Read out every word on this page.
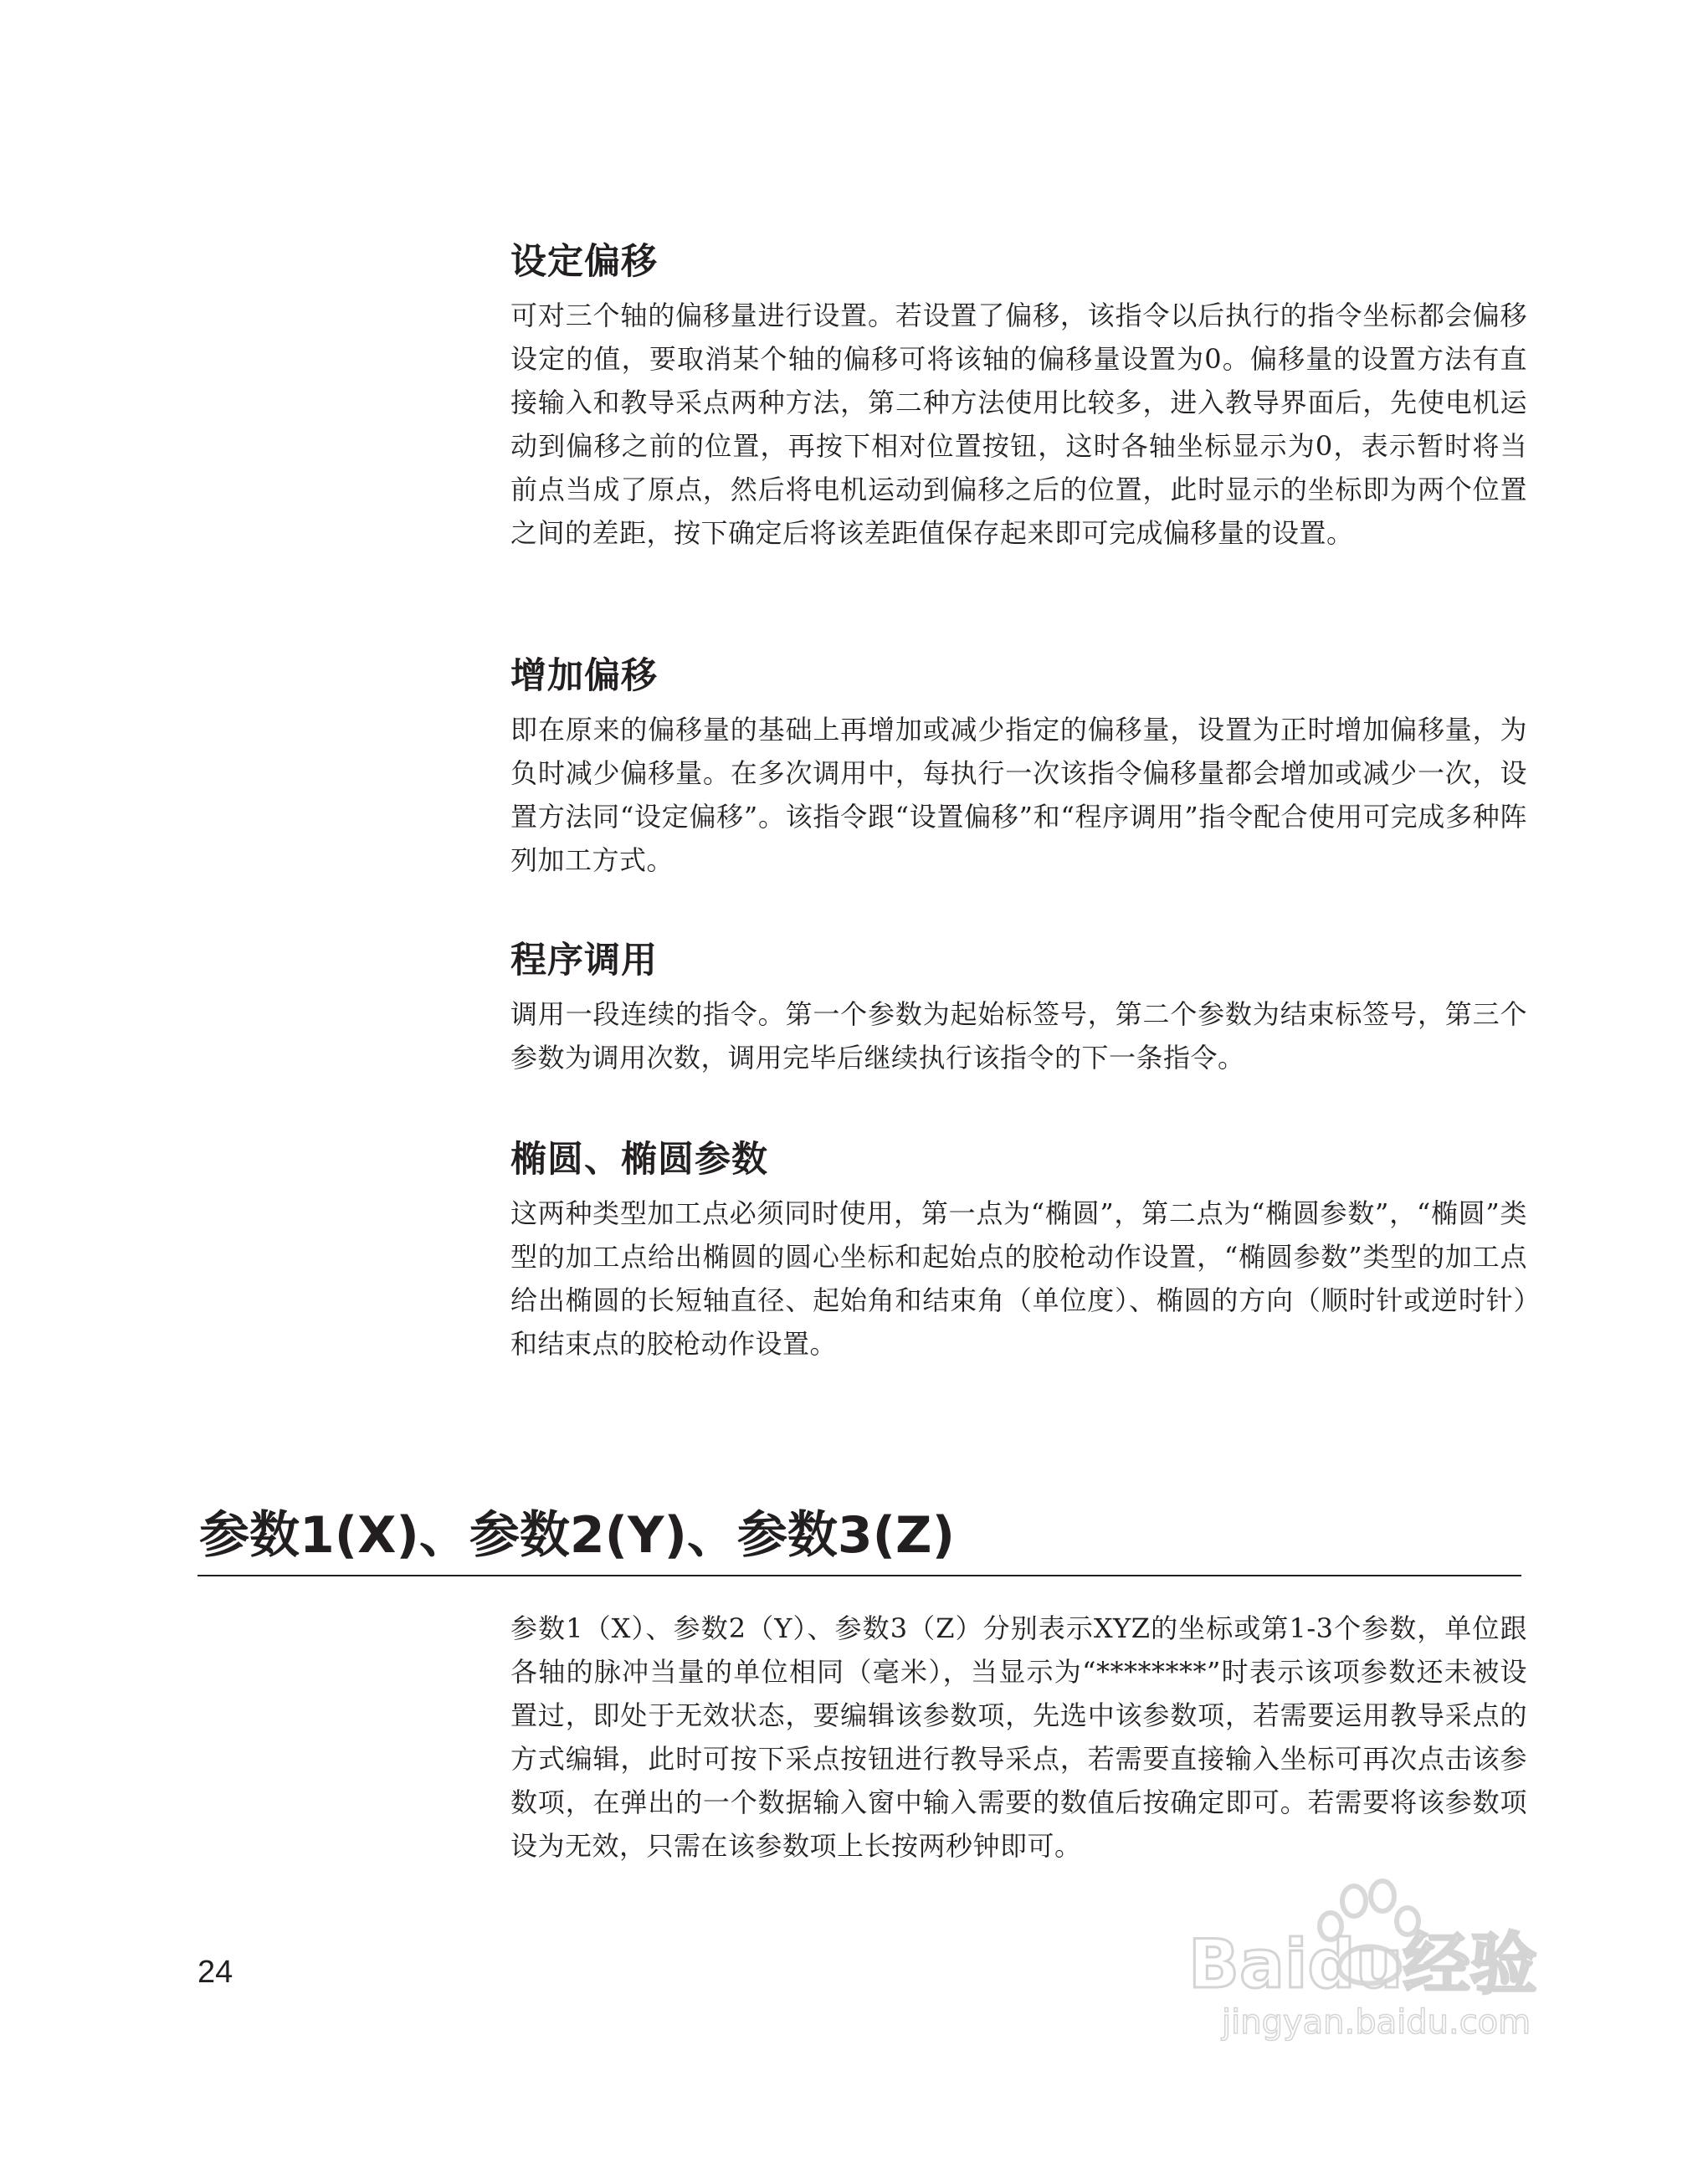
设定偏移

可对三个轴的偏移量进行设置。若设置了偏移，该指令以后执行的指令坐标都会偏移设定的值，要取消某个轴的偏移可将该轴的偏移量设置为0。偏移量的设置方法有直接输入和教导采点两种方法，第二种方法使用比较多，进入教导界面后，先使电机运动到偏移之前的位置，再按下相对位置按钮，这时各轴坐标显示为0，表示暂时将当前点当成了原点，然后将电机运动到偏移之后的位置，此时显示的坐标即为两个位置之间的差距，按下确定后将该差距值保存起来即可完成偏移量的设置。

增加偏移

即在原来的偏移量的基础上再增加或减少指定的偏移量，设置为正时增加偏移量，为负时减少偏移量。在多次调用中，每执行一次该指令偏移量都会增加或减少一次，设置方法同“设定偏移”。该指令跟“设置偏移”和“程序调用”指令配合使用可完成多种阵列加工方式。

程序调用

调用一段连续的指令。第一个参数为起始标签号，第二个参数为结束标签号，第三个参数为调用次数，调用完毕后继续执行该指令的下一条指令。

椭圆、椭圆参数

这两种类型加工点必须同时使用，第一点为“椭圆”，第二点为“椭圆参数”，“椭圆”类型的加工点给出椭圆的圆心坐标和起始点的胶枪动作设置，“椭圆参数”类型的加工点给出椭圆的长短轴直径、起始角和结束角（单位度）、椭圆的方向（顺时针或逆时针）和结束点的胶枪动作设置。

参数1(X)、参数2(Y)、参数3(Z)

参数1（X）、参数2（Y）、参数3（Z）分别表示XYZ的坐标或第1-3个参数，单位跟各轴的脉冲当量的单位相同（毫米），当显示为“********”时表示该项参数还未被设置过，即处于无效状态，要编辑该参数项，先选中该参数项，若需要运用教导采点的方式编辑，此时可按下采点按钮进行教导采点，若需要直接输入坐标可再次点击该参数项，在弹出的一个数据输入窗中输入需要的数值后按确定即可。若需要将该参数项设为无效，只需在该参数项上长按两秒钟即可。

24	Baidu经验
jingyan.baidu.com
